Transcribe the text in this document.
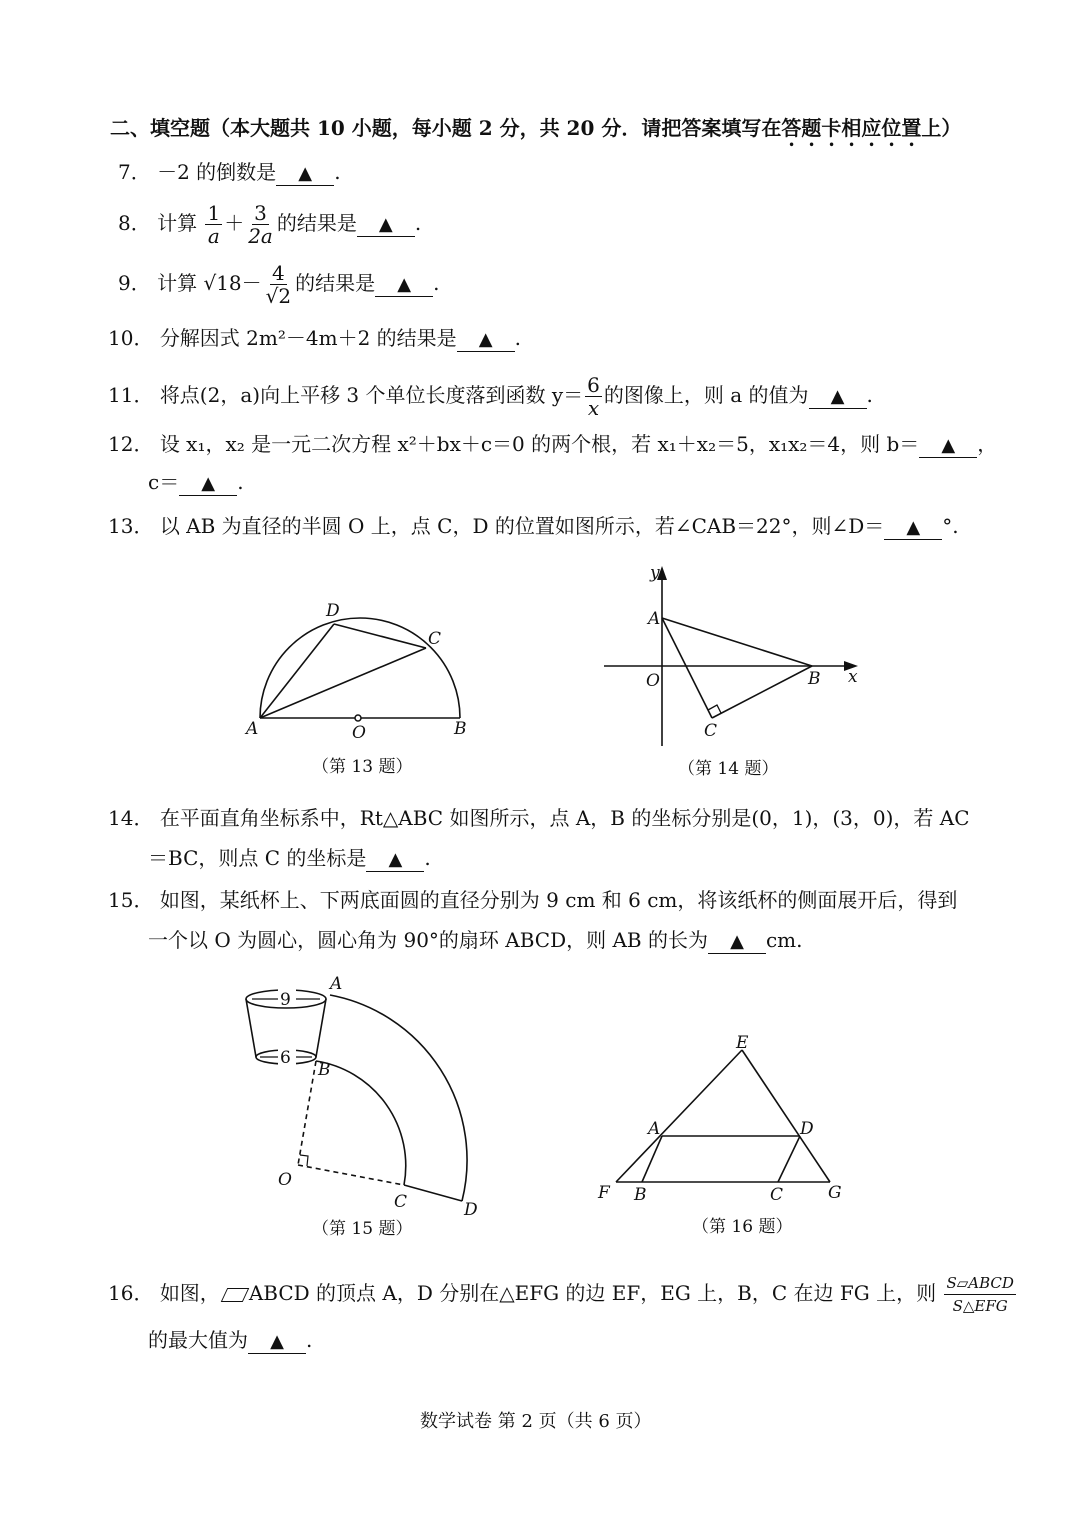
二、填空题（本大题共 10 小题，每小题 2 分，共 20 分．请把答案填写在答题卡相应位置上）
7． －2 的倒数是 ▲ .
8． 计算 $\frac{1}{a} + \frac{3}{2a}$ 的结果是 ▲ .
9． 计算 $√18- \frac{4}{√2}$ 的结果是 ▲ .
10． 分解因式 2m²－4m＋2 的结果是 ▲ .
11． 将点(2，a)向上平移 3 个单位长度落到函数 $y= \frac{6}{x}$ 的图像上，则 a 的值为 ▲ .
12． 设 x₁，x₂ 是一元二次方程 x²＋bx＋c＝0 的两个根，若 x₁＋x₂＝5，x₁x₂＝4，则 b＝ ▲ ，
c＝ ▲ .
13． 以 AB 为直径的半圆 O 上，点 C，D 的位置如图所示，若∠CAB＝22°，则∠D＝ ▲ °.
D
C
A	O	B
（第 13 题）
y
A
O	B x
C
（第 14 题）
14． 在平面直角坐标系中，Rt△ABC 如图所示，点 A，B 的坐标分别是(0，1)，(3，0)，若 AC
＝BC，则点 C 的坐标是 ▲ .
15． 如图，某纸杯上、下两底面圆的直径分别为 9 cm 和 6 cm，将该纸杯的侧面展开后，得到
一个以 O 为圆心，圆心角为 90°的扇环 ABCD，则 AB 的长为 ▲ cm.
9
6
A
B
O
C	D
（第 15 题）
E
A	D
F B	C	G
（第 16 题）
16． 如图， ABCD 的顶点 A，D 分别在△EFG 的边 EF，EG 上，B，C 在边 FG 上，则 $\frac{\text{S▱ABCD}}{\text{S△EFG}}$
的最大值为 ▲ .
数学试卷 第 2 页（共 6 页）
